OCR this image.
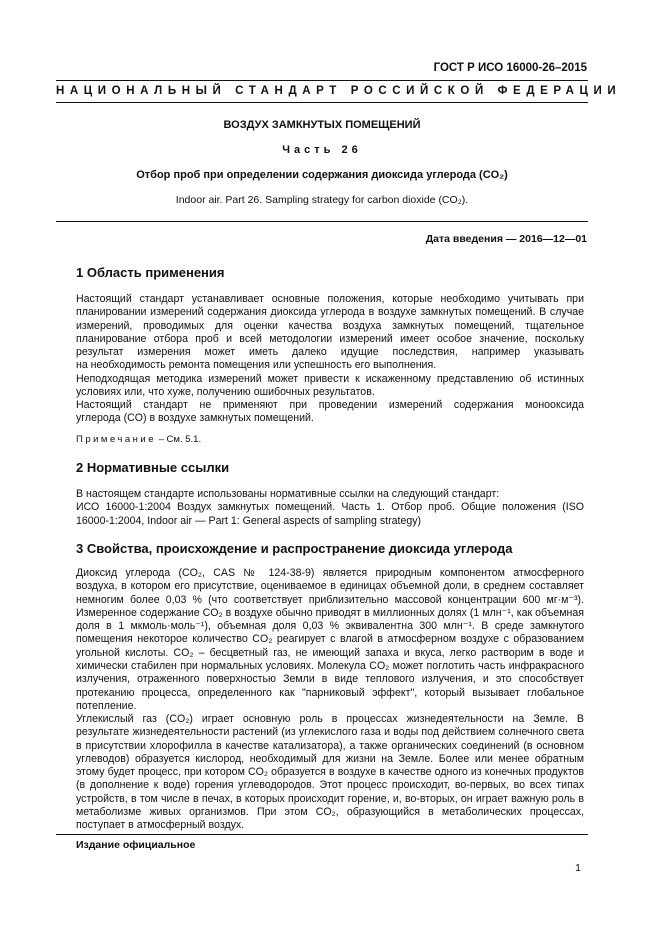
ГОСТ Р ИСО 16000-26–2015
НАЦИОНАЛЬНЫЙ СТАНДАРТ РОССИЙСКОЙ ФЕДЕРАЦИИ
ВОЗДУХ ЗАМКНУТЫХ ПОМЕЩЕНИЙ
Часть 26
Отбор проб при определении содержания диоксида углерода (CO₂)
Indoor air. Part 26. Sampling strategy for carbon dioxide (CO₂).
Дата введения — 2016—12—01
1 Область применения
Настоящий стандарт устанавливает основные положения, которые необходимо учитывать при
планировании измерений содержания диоксида углерода в воздухе замкнутых помещений. В случае
измерений, проводимых для оценки качества воздуха замкнутых помещений, тщательное
планирование отбора проб и всей методологии измерений имеет особое значение, поскольку
результат измерения может иметь далеко идущие последствия, например указывать
на необходимость ремонта помещения или успешность его выполнения.
Неподходящая методика измерений может привести к искаженному представлению об истинных
условиях или, что хуже, получению ошибочных результатов.
Настоящий стандарт не применяют при проведении измерений содержания монооксида
углерода (CO) в воздухе замкнутых помещений.
Примечание – См. 5.1.
2 Нормативные ссылки
В настоящем стандарте использованы нормативные ссылки на следующий стандарт:
ИСО 16000-1:2004 Воздух замкнутых помещений. Часть 1. Отбор проб. Общие положения (ISO
16000-1:2004, Indoor air — Part 1: General aspects of sampling strategy)
3 Свойства, происхождение и распространение диоксида углерода
Диоксид углерода (CO₂, CAS № 124-38-9) является природным компонентом атмосферного
воздуха, в котором его присутствие, оцениваемое в единицах объемной доли, в среднем составляет
немногим более 0,03 % (что соответствует приблизительно массовой концентрации 600 мг·м⁻³).
Измеренное содержание CO₂ в воздухе обычно приводят в миллионных долях (1 млн⁻¹, как объемная
доля в 1 мкмоль·моль⁻¹), объемная доля 0,03 % эквивалентна 300 млн⁻¹. В среде замкнутого
помещения некоторое количество CO₂ реагирует с влагой в атмосферном воздухе с образованием
угольной кислоты. CO₂ – бесцветный газ, не имеющий запаха и вкуса, легко растворим в воде и
химически стабилен при нормальных условиях. Молекула CO₂ может поглотить часть инфракрасного
излучения, отраженного поверхностью Земли в виде теплового излучения, и это способствует
протеканию процесса, определенного как "парниковый эффект", который вызывает глобальное
потепление.
Углекислый газ (CO₂) играет основную роль в процессах жизнедеятельности на Земле. В
результате жизнедеятельности растений (из углекислого газа и воды под действием солнечного света
в присутствии хлорофилла в качестве катализатора), а также органических соединений (в основном
углеводов) образуется кислород, необходимый для жизни на Земле. Более или менее обратным
этому будет процесс, при котором CO₂ образуется в воздухе в качестве одного из конечных продуктов
(в дополнение к воде) горения углеводородов. Этот процесс происходит, во-первых, во всех типах
устройств, в том числе в печах, в которых происходит горение, и, во-вторых, он играет важную роль в
метаболизме живых организмов. При этом CO₂, образующийся в метаболических процессах,
поступает в атмосферный воздух.
Издание официальное
1
